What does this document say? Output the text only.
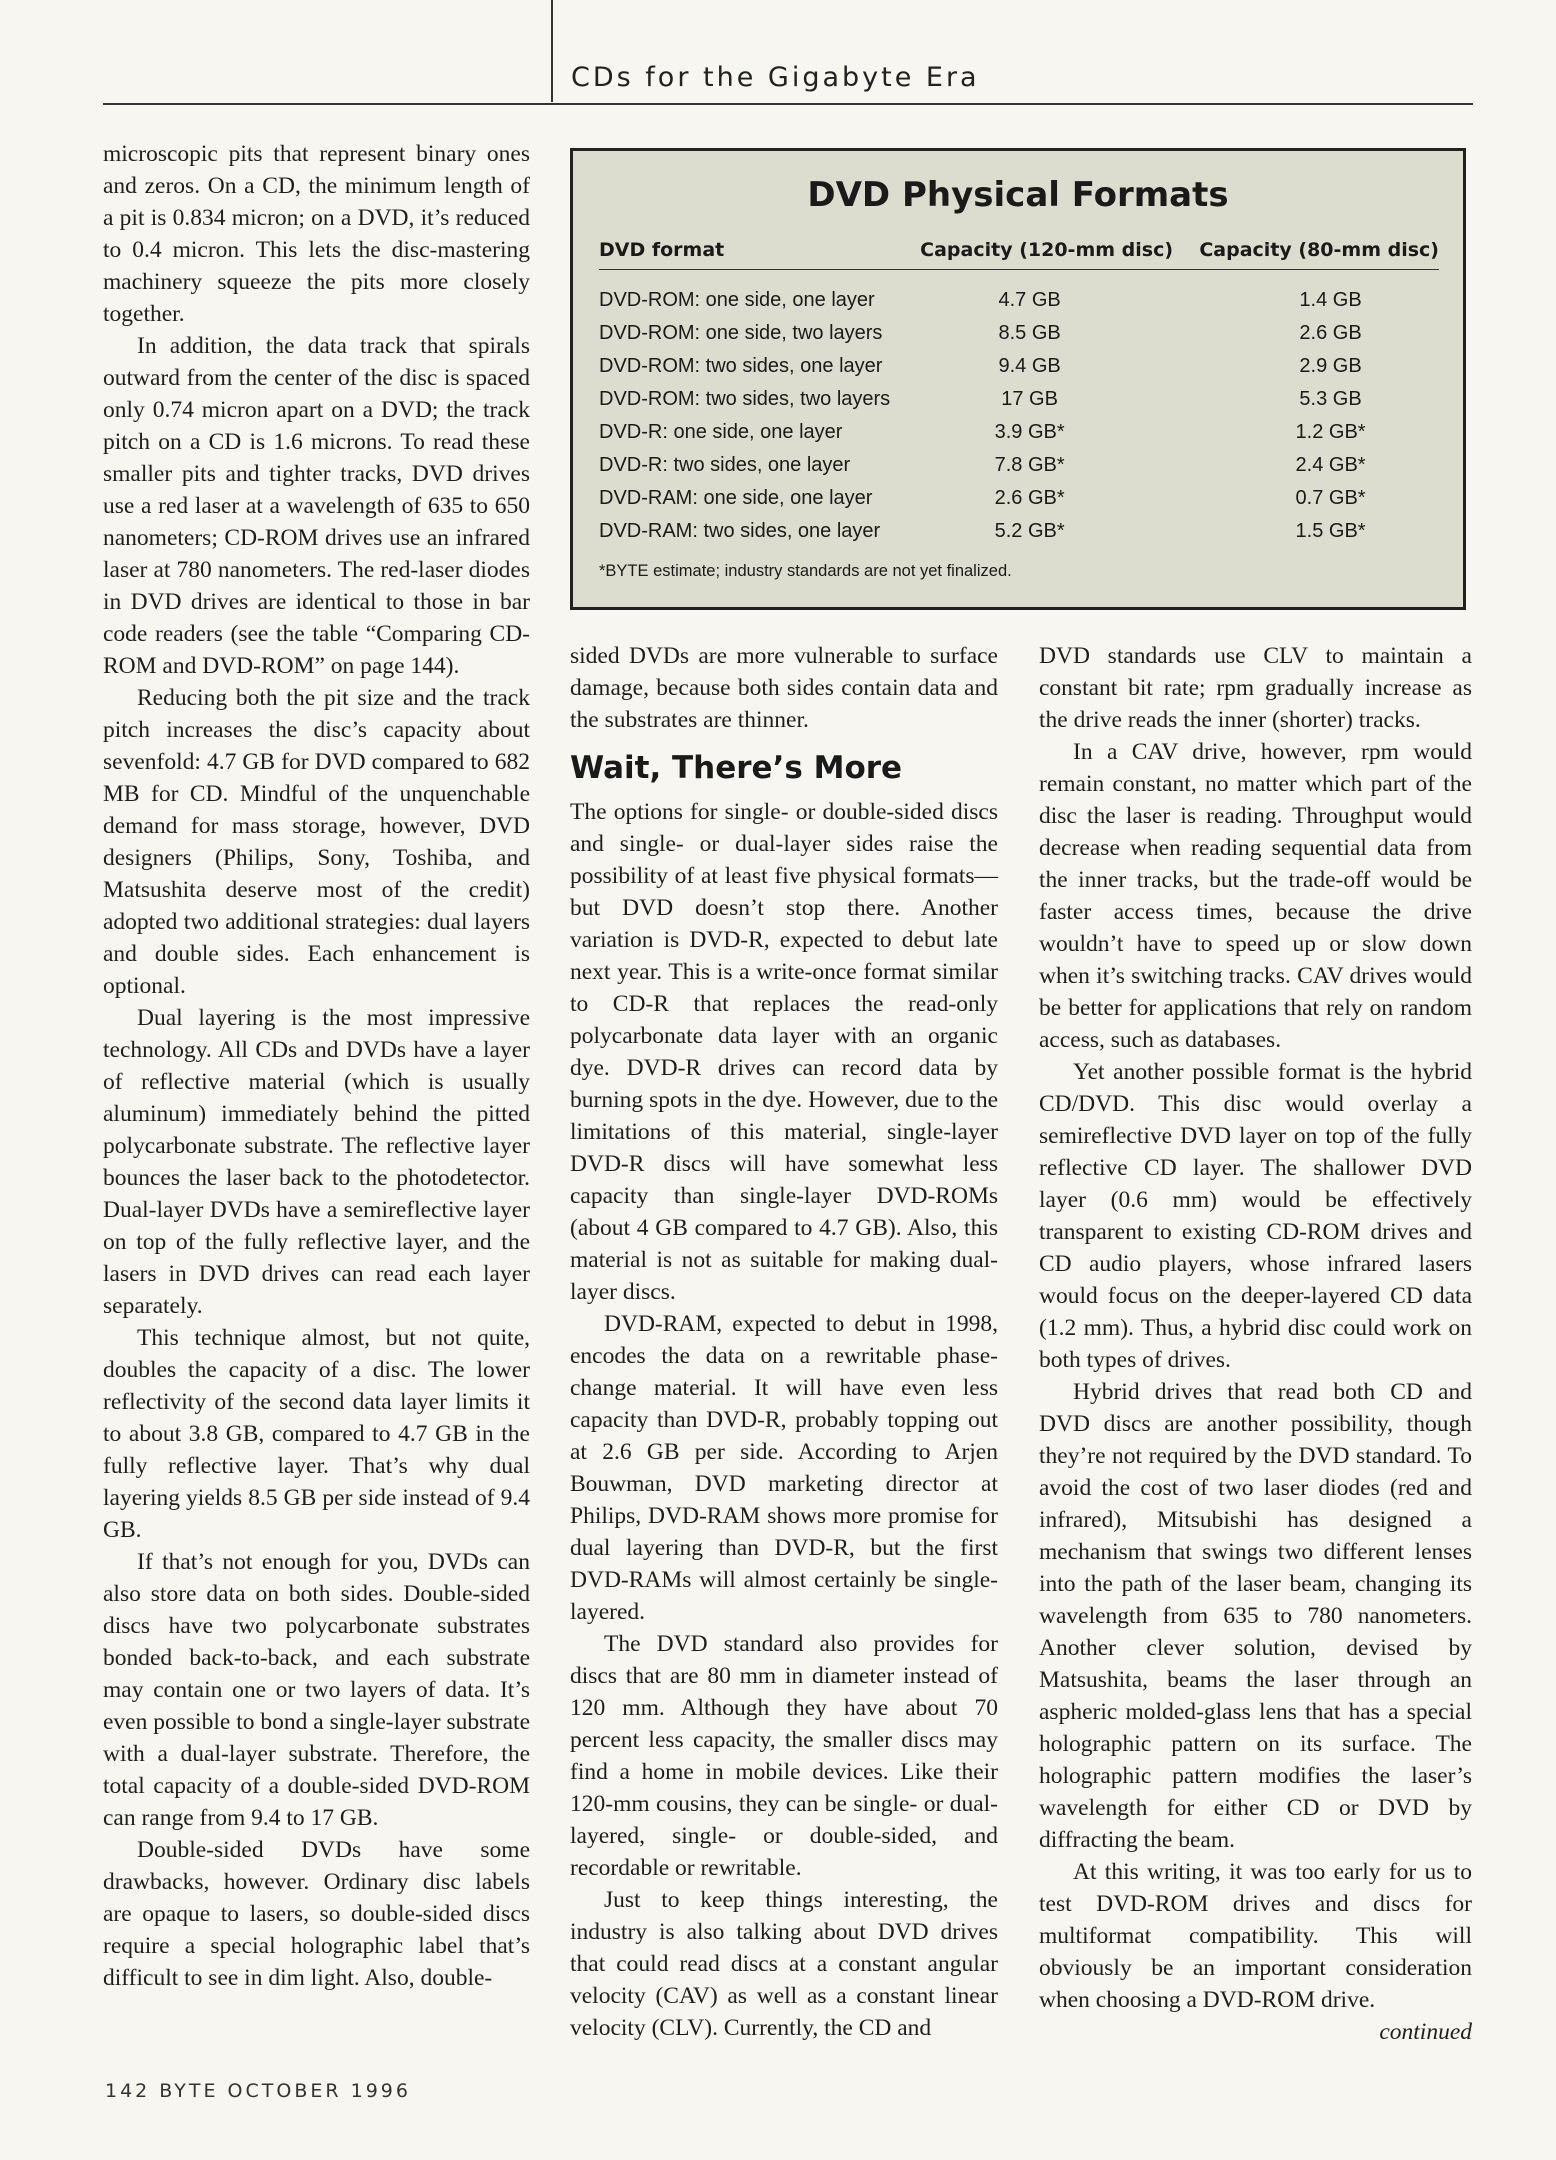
CDs for the Gigabyte Era

microscopic pits that represent binary ones and zeros. On a CD, the minimum length of a pit is 0.834 micron; on a DVD, it’s reduced to 0.4 micron. This lets the disc-mastering machinery squeeze the pits more closely together.

In addition, the data track that spirals outward from the center of the disc is spaced only 0.74 micron apart on a DVD; the track pitch on a CD is 1.6 microns. To read these smaller pits and tighter tracks, DVD drives use a red laser at a wavelength of 635 to 650 nanometers; CD-ROM drives use an infrared laser at 780 nanometers. The red-laser diodes in DVD drives are identical to those in bar code readers (see the table “Comparing CD-ROM and DVD-ROM” on page 144).

Reducing both the pit size and the track pitch increases the disc’s capacity about sevenfold: 4.7 GB for DVD compared to 682 MB for CD. Mindful of the unquenchable demand for mass storage, however, DVD designers (Philips, Sony, Toshiba, and Matsushita deserve most of the credit) adopted two additional strategies: dual layers and double sides. Each enhancement is optional.

Dual layering is the most impressive technology. All CDs and DVDs have a layer of reflective material (which is usually aluminum) immediately behind the pitted polycarbonate substrate. The reflective layer bounces the laser back to the photodetector. Dual-layer DVDs have a semireflective layer on top of the fully reflective layer, and the lasers in DVD drives can read each layer separately.

This technique almost, but not quite, doubles the capacity of a disc. The lower reflectivity of the second data layer limits it to about 3.8 GB, compared to 4.7 GB in the fully reflective layer. That’s why dual layering yields 8.5 GB per side instead of 9.4 GB.

If that’s not enough for you, DVDs can also store data on both sides. Double-sided discs have two polycarbonate substrates bonded back-to-back, and each substrate may contain one or two layers of data. It’s even possible to bond a single-layer substrate with a dual-layer substrate. Therefore, the total capacity of a double-sided DVD-ROM can range from 9.4 to 17 GB.

Double-sided DVDs have some drawbacks, however. Ordinary disc labels are opaque to lasers, so double-sided discs require a special holographic label that’s difficult to see in dim light. Also, double-

DVD Physical Formats
DVD format	Capacity (120-mm disc)	Capacity (80-mm disc)
DVD-ROM: one side, one layer	4.7 GB	1.4 GB
DVD-ROM: one side, two layers	8.5 GB	2.6 GB
DVD-ROM: two sides, one layer	9.4 GB	2.9 GB
DVD-ROM: two sides, two layers	17 GB	5.3 GB
DVD-R: one side, one layer	3.9 GB*	1.2 GB*
DVD-R: two sides, one layer	7.8 GB*	2.4 GB*
DVD-RAM: one side, one layer	2.6 GB*	0.7 GB*
DVD-RAM: two sides, one layer	5.2 GB*	1.5 GB*
*BYTE estimate; industry standards are not yet finalized.

sided DVDs are more vulnerable to surface damage, because both sides contain data and the substrates are thinner.

Wait, There’s More

The options for single- or double-sided discs and single- or dual-layer sides raise the possibility of at least five physical formats—but DVD doesn’t stop there. Another variation is DVD-R, expected to debut late next year. This is a write-once format similar to CD-R that replaces the read-only polycarbonate data layer with an organic dye. DVD-R drives can record data by burning spots in the dye. However, due to the limitations of this material, single-layer DVD-R discs will have somewhat less capacity than single-layer DVD-ROMs (about 4 GB compared to 4.7 GB). Also, this material is not as suitable for making dual-layer discs.

DVD-RAM, expected to debut in 1998, encodes the data on a rewritable phase-change material. It will have even less capacity than DVD-R, probably topping out at 2.6 GB per side. According to Arjen Bouwman, DVD marketing director at Philips, DVD-RAM shows more promise for dual layering than DVD-R, but the first DVD-RAMs will almost certainly be single-layered.

The DVD standard also provides for discs that are 80 mm in diameter instead of 120 mm. Although they have about 70 percent less capacity, the smaller discs may find a home in mobile devices. Like their 120-mm cousins, they can be single- or dual-layered, single- or double-sided, and recordable or rewritable.

Just to keep things interesting, the industry is also talking about DVD drives that could read discs at a constant angular velocity (CAV) as well as a constant linear velocity (CLV). Currently, the CD and

DVD standards use CLV to maintain a constant bit rate; rpm gradually increase as the drive reads the inner (shorter) tracks.

In a CAV drive, however, rpm would remain constant, no matter which part of the disc the laser is reading. Throughput would decrease when reading sequential data from the inner tracks, but the trade-off would be faster access times, because the drive wouldn’t have to speed up or slow down when it’s switching tracks. CAV drives would be better for applications that rely on random access, such as databases.

Yet another possible format is the hybrid CD/DVD. This disc would overlay a semireflective DVD layer on top of the fully reflective CD layer. The shallower DVD layer (0.6 mm) would be effectively transparent to existing CD-ROM drives and CD audio players, whose infrared lasers would focus on the deeper-layered CD data (1.2 mm). Thus, a hybrid disc could work on both types of drives.

Hybrid drives that read both CD and DVD discs are another possibility, though they’re not required by the DVD standard. To avoid the cost of two laser diodes (red and infrared), Mitsubishi has designed a mechanism that swings two different lenses into the path of the laser beam, changing its wavelength from 635 to 780 nanometers. Another clever solution, devised by Matsushita, beams the laser through an aspheric molded-glass lens that has a special holographic pattern on its surface. The holographic pattern modifies the laser’s wavelength for either CD or DVD by diffracting the beam.

At this writing, it was too early for us to test DVD-ROM drives and discs for multiformat compatibility. This will obviously be an important consideration when choosing a DVD-ROM drive.
continued

142 BYTE OCTOBER 1996
